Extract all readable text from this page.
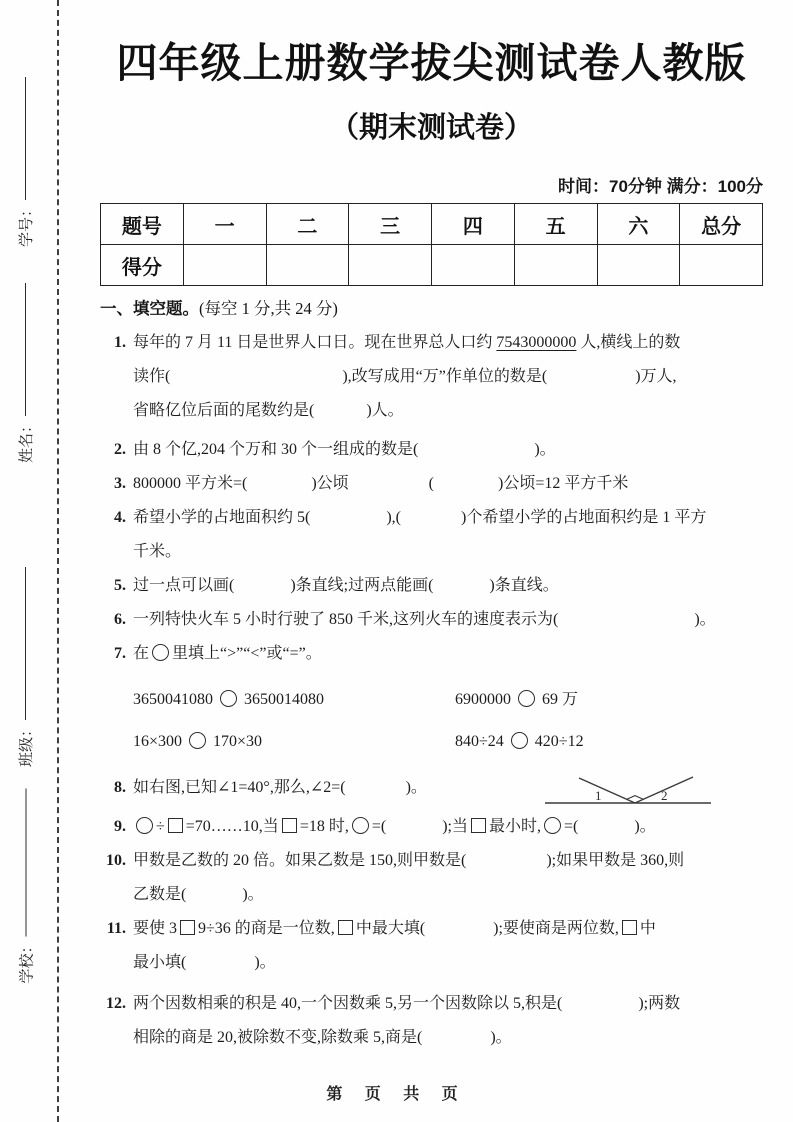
学号：
姓名：
班级：
学校：
四年级上册数学拔尖测试卷人教版
（期末测试卷）
时间：70分钟 满分：100分
题号	一	二	三	四	五	六	总分
得分							
一、填空题。(每空 1 分,共 24 分)
1. 每年的 7 月 11 日是世界人口日。现在世界总人口约 7543000000 人,横线上的数

读作(                                           ),改写成用“万”作单位的数是(                      )万人,

省略亿位后面的尾数约是(             )人。

2. 由 8 个亿,204 个万和 30 个一组成的数是(                             )。

3. 800000 平方米=(                )公顷                    (                )公顷=12 平方千米

4. 希望小学的占地面积约 5(                   ),(               )个希望小学的占地面积约是 1 平方

千米。

5. 过一点可以画(              )条直线;过两点能画(              )条直线。

6. 一列特快火车 5 小时行驶了 850 千米,这列火车的速度表示为(                                  )。

7. 在 里填上“>”“<”或“=”。

3650041080  3650014080	6900000  69 万
16×300  170×30	840÷24  420÷12
8. 如右图,已知∠1=40°,那么,∠2=(               )。	1	2
9.	÷ =70……10,当 =18 时, =(              );当 最小时, =(              )。

10. 甲数是乙数的 20 倍。如果乙数是 150,则甲数是(                    );如果甲数是 360,则

乙数是(              )。

11. 要使 3 9÷36 的商是一位数, 中最大填(                 );要使商是两位数, 中

最小填(                 )。

12. 两个因数相乘的积是 40,一个因数乘 5,另一个因数除以 5,积是(                   );两数

相除的商是 20,被除数不变,除数乘 5,商是(                 )。

第 页 共 页
